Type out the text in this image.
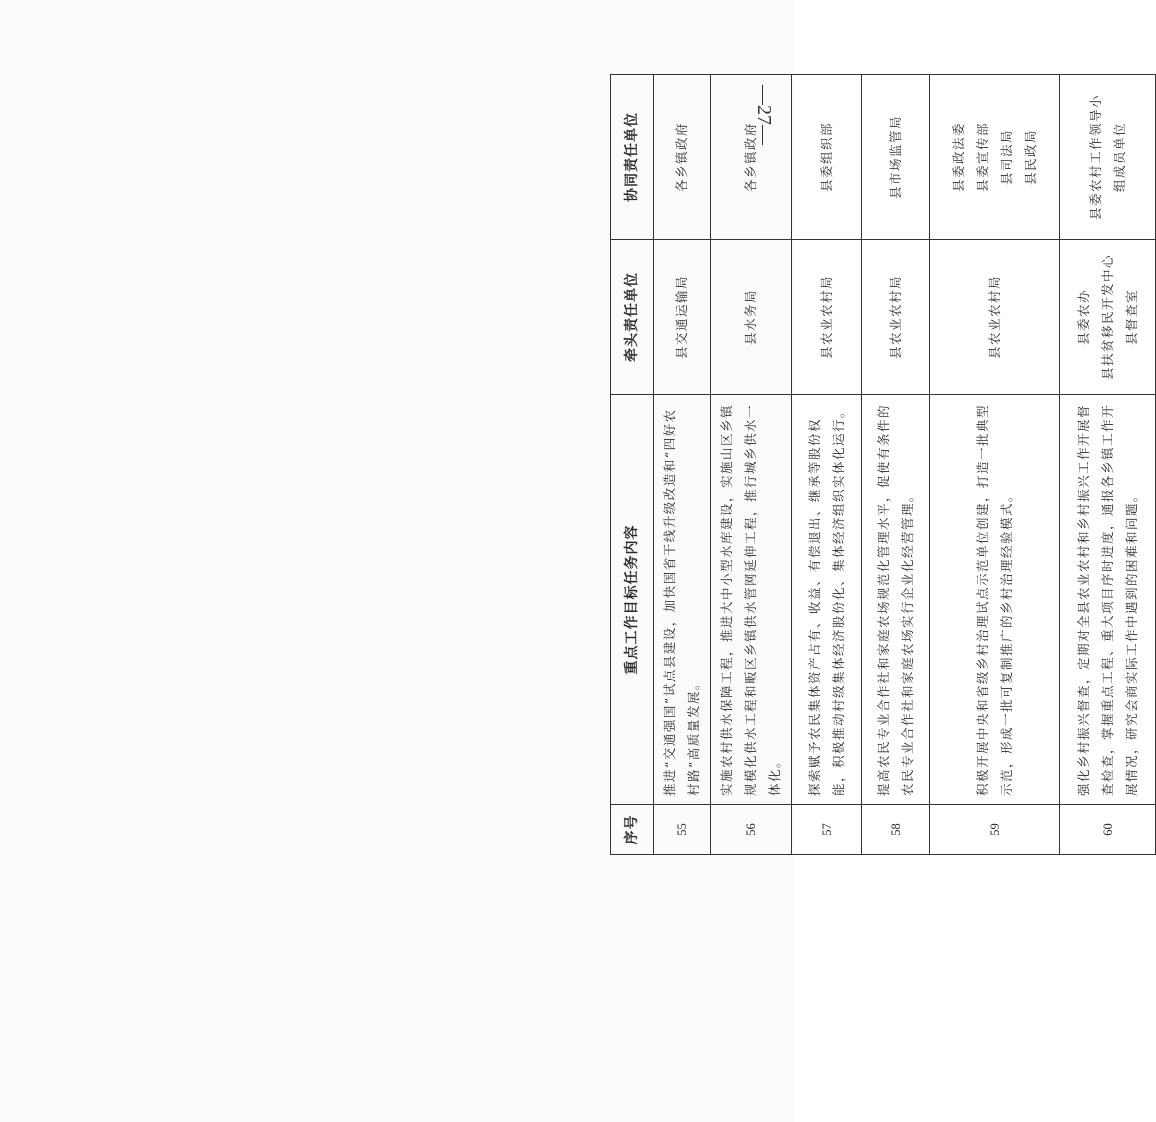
序号	重点工作目标任务内容	牵头责任单位	协同责任单位
55	推进“交通强国”试点县建设，加快国省干线升级改造和“四好农村路”高质量发展。	县交通运输局	各乡镇政府

56	实施农村供水保障工程，推进大中小型水库建设，实施山区乡镇规模化供水工程和畈区乡镇供水管网延伸工程，推行城乡供水一体化。	县水务局	各乡镇政府

57	探索赋予农民集体资产占有、收益、有偿退出、继承等股份权能，积极推动村级集体经济股份化、集体经济组织实体化运行。	县农业农村局	县委组织部

58	提高农民专业合作社和家庭农场规范化管理水平，促使有条件的农民专业合作社和家庭农场实行企业化经营管理。	县农业农村局	县市场监管局

59	积极开展中央和省级乡村治理试点示范单位创建，打造一批典型示范，形成一批可复制推广的乡村治理经验模式。	县农业农村局	县委政法委 县委宣传部 县司法局 县民政局

60	强化乡村振兴督查，定期对全县农业农村和乡村振兴工作开展督查检查，掌握重点工程、重大项目序时进度，通报各乡镇工作开展情况，研究会商实际工作中遇到的困难和问题。	县委农办 县扶贫移民开发中心 县督查室	县委农村工作领导小 组成员单位
—27—
